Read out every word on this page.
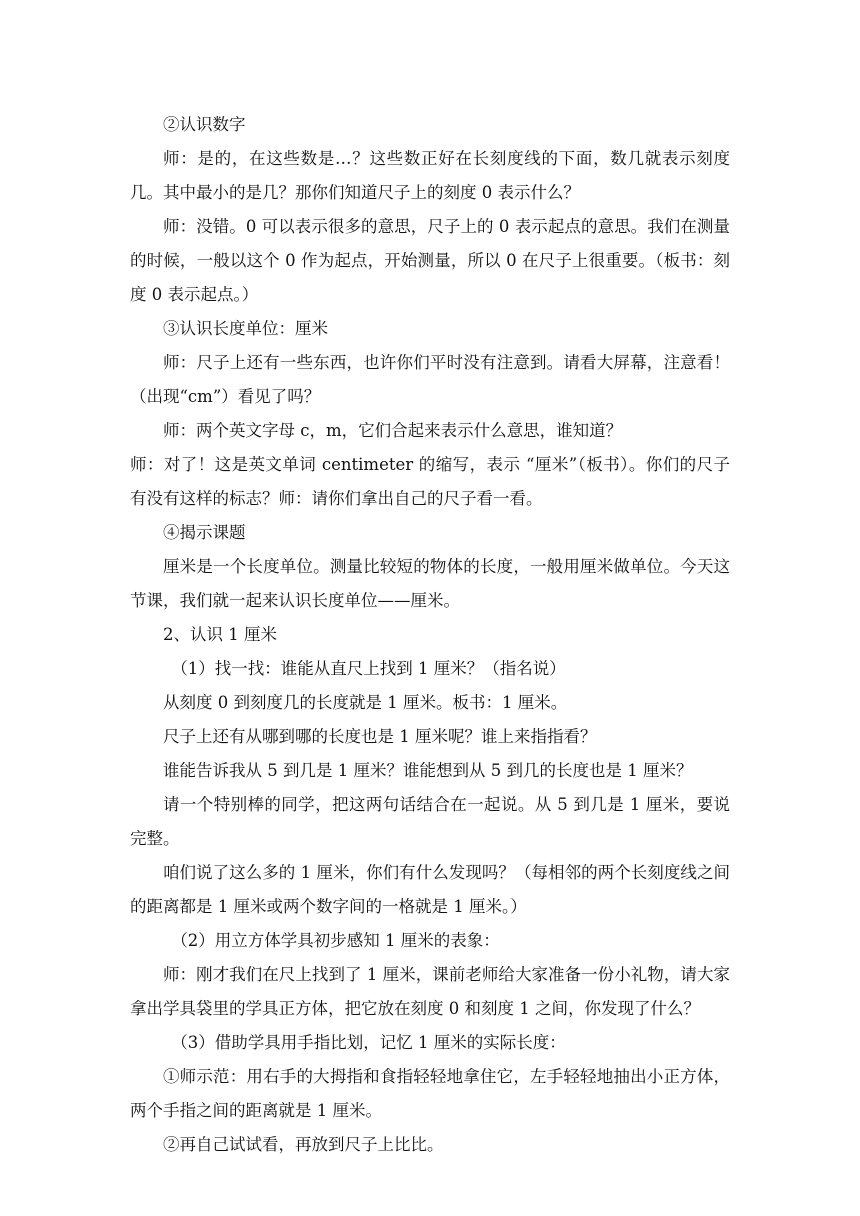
②认识数字

师：是的，在这些数是…？这些数正好在长刻度线的下面，数几就表示刻度几。其中最小的是几？那你们知道尺子上的刻度 0 表示什么？

师：没错。0 可以表示很多的意思，尺子上的 0 表示起点的意思。我们在测量的时候，一般以这个 0 作为起点，开始测量，所以 0 在尺子上很重要。（板书：刻度 0 表示起点。）

③认识长度单位：厘米

师：尺子上还有一些东西，也许你们平时没有注意到。请看大屏幕，注意看！（出现“cm”）看见了吗？

师：两个英文字母 c，m，它们合起来表示什么意思，谁知道？

师：对了！这是英文单词 centimeter 的缩写，表示 “厘米”（板书）。你们的尺子有没有这样的标志？师：请你们拿出自己的尺子看一看。

④揭示课题

厘米是一个长度单位。测量比较短的物体的长度，一般用厘米做单位。今天这节课，我们就一起来认识长度单位——厘米。

2、认识 1 厘米

（1）找一找：谁能从直尺上找到 1 厘米？（指名说）

从刻度 0 到刻度几的长度就是 1 厘米。板书：1 厘米。

尺子上还有从哪到哪的长度也是 1 厘米呢？谁上来指指看？

谁能告诉我从 5 到几是 1 厘米？谁能想到从 5 到几的长度也是 1 厘米？

请一个特别棒的同学，把这两句话结合在一起说。从 5 到几是 1 厘米，要说完整。

咱们说了这么多的 1 厘米，你们有什么发现吗？（每相邻的两个长刻度线之间的距离都是 1 厘米或两个数字间的一格就是 1 厘米。）

（2）用立方体学具初步感知 1 厘米的表象：

师：刚才我们在尺上找到了 1 厘米，课前老师给大家准备一份小礼物，请大家拿出学具袋里的学具正方体，把它放在刻度 0 和刻度 1 之间，你发现了什么？

（3）借助学具用手指比划，记忆 1 厘米的实际长度：

①师示范：用右手的大拇指和食指轻轻地拿住它，左手轻轻地抽出小正方体，两个手指之间的距离就是 1 厘米。

②再自己试试看，再放到尺子上比比。
